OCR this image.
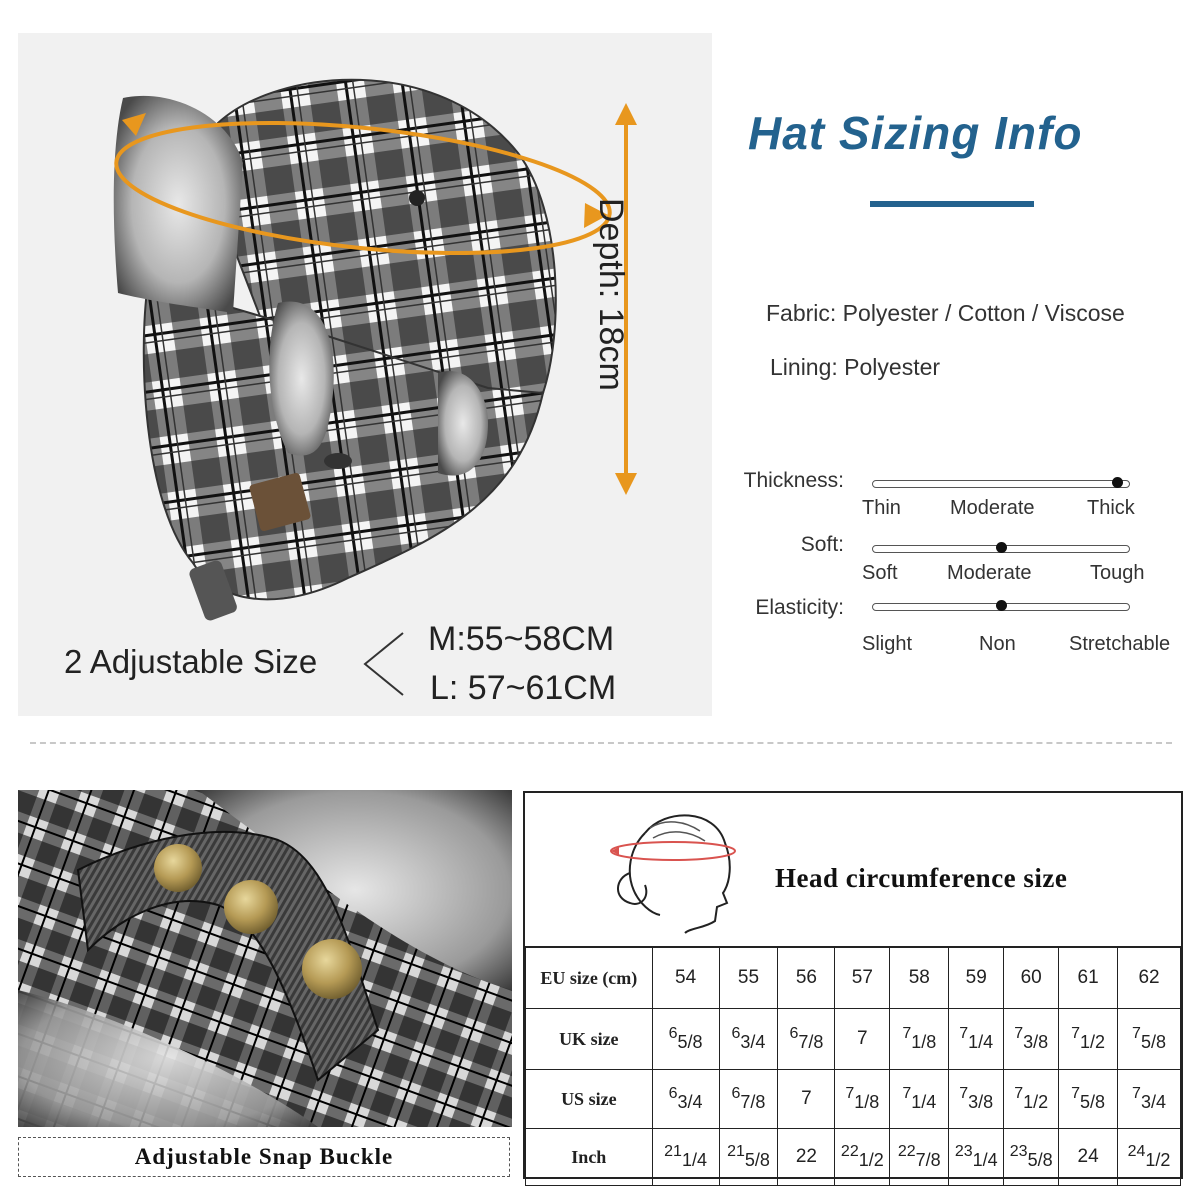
Depth: 18cm
2 Adjustable Size
M:55~58CM
L: 57~61CM
Hat Sizing Info
Fabric: Polyester / Cotton / Viscose
Lining: Polyester
Thickness:
Thin Moderate	Thick
Soft:
Soft Moderate	Tough
Elasticity:
Slight	Non	Stretchable
Adjustable Snap Buckle
Head circumference size
EU size (cm)	54	55	56	57	58	59	60	61	62
UK size	$^6_{5/8}$	$^6_{3/4}$	$^6_{7/8}$	7	$^7_{1/8}$	$^7_{1/4}$	$^7_{3/8}$	$^7_{1/2}$	$^7_{5/8}$
US size	$^6_{3/4}$	$^6_{7/8}$	7	$^7_{1/8}$	$^7_{1/4}$	$^7_{3/8}$	$^7_{1/2}$	$^7_{5/8}$	$^7_{3/4}$
Inch	$^{21}_{1/4}$	$^{21}_{5/8}$	22	$^{22}_{1/2}$	$^{22}_{7/8}$	$^{23}_{1/4}$	$^{23}_{5/8}$	24	$^{24}_{1/2}$
